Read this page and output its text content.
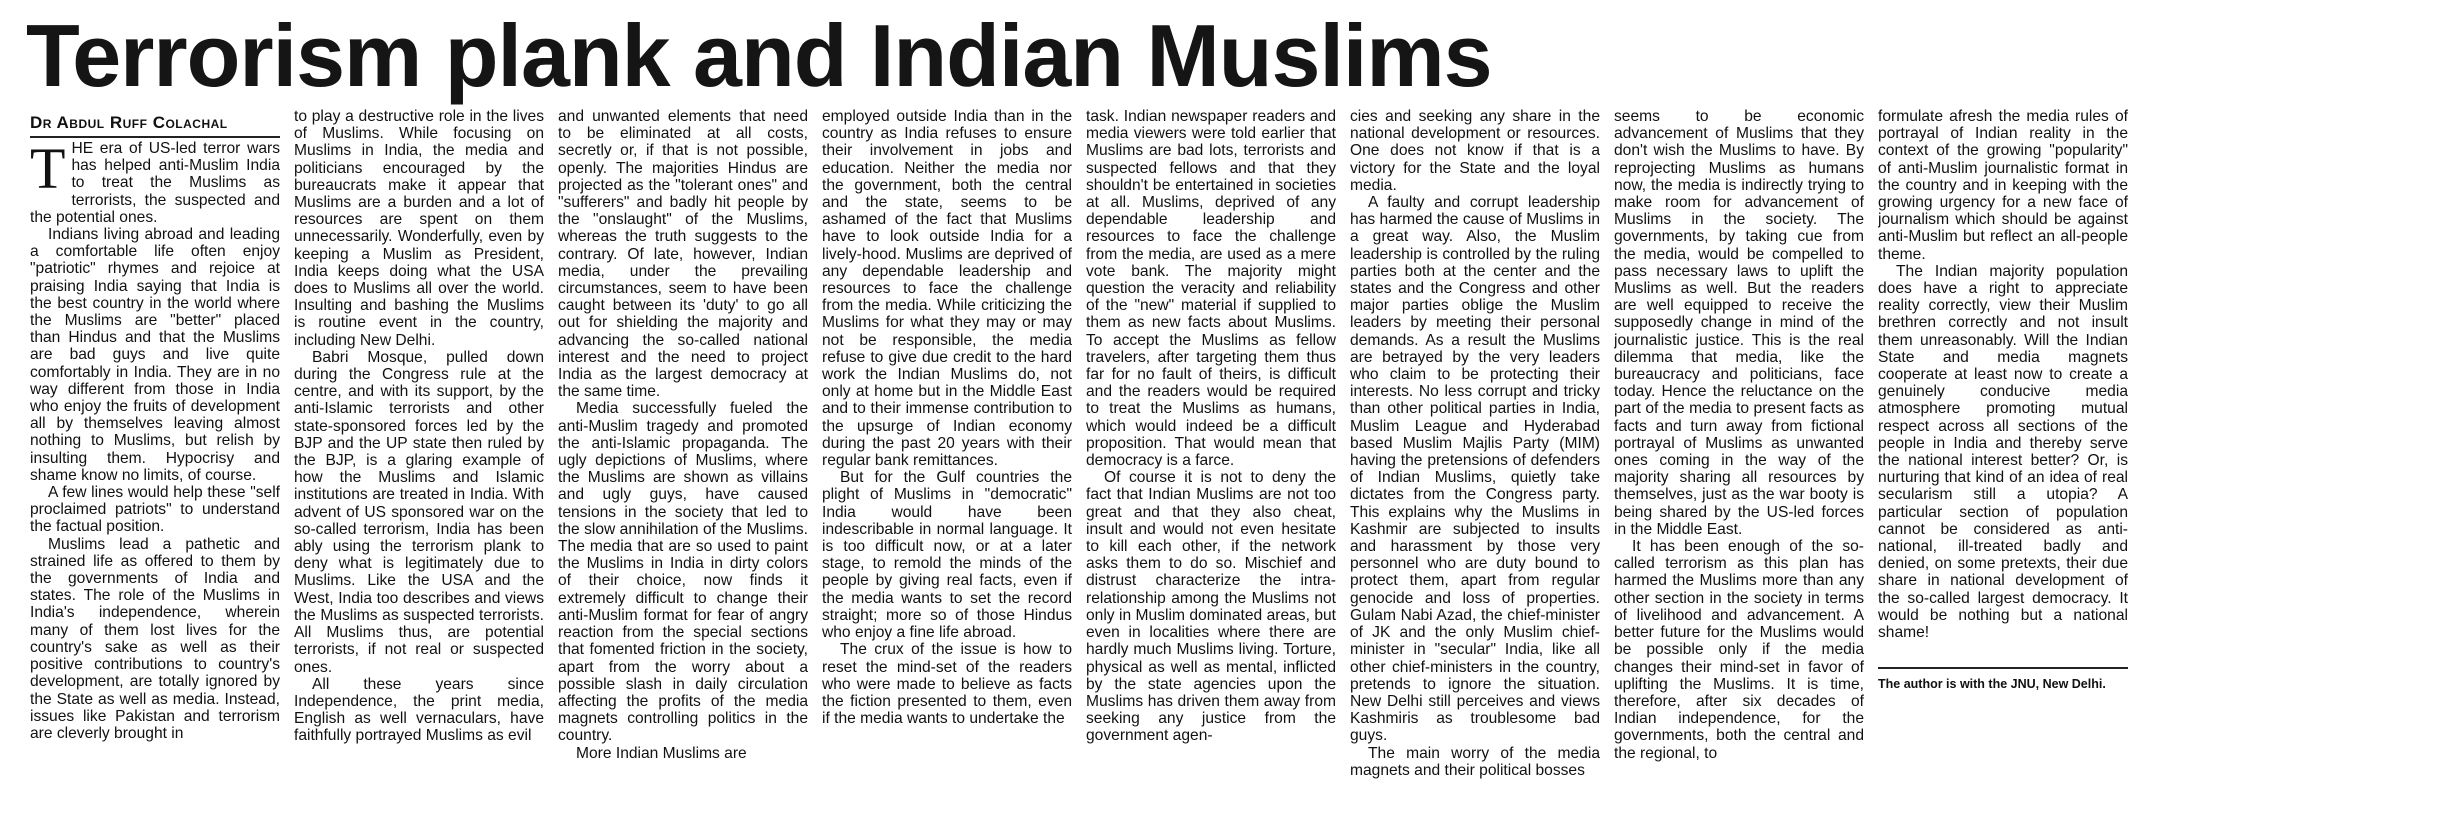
Terrorism plank and Indian Muslims
Dr Abdul Ruff Colachal

THE era of US-led terror wars has helped anti-Muslim India to treat the Muslims as terrorists, the suspected and the potential ones.

Indians living abroad and leading a comfortable life often enjoy "patriotic" rhymes and rejoice at praising India saying that India is the best country in the world where the Muslims are "better" placed than Hindus and that the Muslims are bad guys and live quite comfortably in India. They are in no way different from those in India who enjoy the fruits of development all by themselves leaving almost nothing to Muslims, but relish by insulting them. Hypocrisy and shame know no limits, of course.

A few lines would help these "self proclaimed patriots" to understand the factual position.

Muslims lead a pathetic and strained life as offered to them by the governments of India and states. The role of the Muslims in India's independence, wherein many of them lost lives for the country's sake as well as their positive contributions to country's development, are totally ignored by the State as well as media. Instead, issues like Pakistan and terrorism are cleverly brought in

to play a destructive role in the lives of Muslims. While focusing on Muslims in India, the media and politicians encouraged by the bureaucrats make it appear that Muslims are a burden and a lot of resources are spent on them unnecessarily. Wonderfully, even by keeping a Muslim as President, India keeps doing what the USA does to Muslims all over the world. Insulting and bashing the Muslims is routine event in the country, including New Delhi.

Babri Mosque, pulled down during the Congress rule at the centre, and with its support, by the anti-Islamic terrorists and other state-sponsored forces led by the BJP and the UP state then ruled by the BJP, is a glaring example of how the Muslims and Islamic institutions are treated in India. With advent of US sponsored war on the so-called terrorism, India has been ably using the terrorism plank to deny what is legitimately due to Muslims. Like the USA and the West, India too describes and views the Muslims as suspected terrorists. All Muslims thus, are potential terrorists, if not real or suspected ones.

All these years since Independence, the print media, English as well vernaculars, have faithfully portrayed Muslims as evil

and unwanted elements that need to be eliminated at all costs, secretly or, if that is not possible, openly. The majorities Hindus are projected as the "tolerant ones" and "sufferers" and badly hit people by the "onslaught" of the Muslims, whereas the truth suggests to the contrary. Of late, however, Indian media, under the prevailing circumstances, seem to have been caught between its 'duty' to go all out for shielding the majority and advancing the so-called national interest and the need to project India as the largest democracy at the same time.

Media successfully fueled the anti-Muslim tragedy and promoted the anti-Islamic propaganda. The ugly depictions of Muslims, where the Muslims are shown as villains and ugly guys, have caused tensions in the society that led to the slow annihilation of the Muslims. The media that are so used to paint the Muslims in India in dirty colors of their choice, now finds it extremely difficult to change their anti-Muslim format for fear of angry reaction from the special sections that fomented friction in the society, apart from the worry about a possible slash in daily circulation affecting the profits of the media magnets controlling politics in the country.

More Indian Muslims are

employed outside India than in the country as India refuses to ensure their involvement in jobs and education. Neither the media nor the government, both the central and the state, seems to be ashamed of the fact that Muslims have to look outside India for a lively-hood. Muslims are deprived of any dependable leadership and resources to face the challenge from the media. While criticizing the Muslims for what they may or may not be responsible, the media refuse to give due credit to the hard work the Indian Muslims do, not only at home but in the Middle East and to their immense contribution to the upsurge of Indian economy during the past 20 years with their regular bank remittances.

But for the Gulf countries the plight of Muslims in "democratic" India would have been indescribable in normal language. It is too difficult now, or at a later stage, to remold the minds of the people by giving real facts, even if the media wants to set the record straight; more so of those Hindus who enjoy a fine life abroad.

The crux of the issue is how to reset the mind-set of the readers who were made to believe as facts the fiction presented to them, even if the media wants to undertake the

task. Indian newspaper readers and media viewers were told earlier that Muslims are bad lots, terrorists and suspected fellows and that they shouldn't be entertained in societies at all. Muslims, deprived of any dependable leadership and resources to face the challenge from the media, are used as a mere vote bank. The majority might question the veracity and reliability of the "new" material if supplied to them as new facts about Muslims. To accept the Muslims as fellow travelers, after targeting them thus far for no fault of theirs, is difficult and the readers would be required to treat the Muslims as humans, which would indeed be a difficult proposition. That would mean that democracy is a farce.

Of course it is not to deny the fact that Indian Muslims are not too great and that they also cheat, insult and would not even hesitate to kill each other, if the network asks them to do so. Mischief and distrust characterize the intra-relationship among the Muslims not only in Muslim dominated areas, but even in localities where there are hardly much Muslims living. Torture, physical as well as mental, inflicted by the state agencies upon the Muslims has driven them away from seeking any justice from the government agen-

cies and seeking any share in the national development or resources. One does not know if that is a victory for the State and the loyal media.

A faulty and corrupt leadership has harmed the cause of Muslims in a great way. Also, the Muslim leadership is controlled by the ruling parties both at the center and the states and the Congress and other major parties oblige the Muslim leaders by meeting their personal demands. As a result the Muslims are betrayed by the very leaders who claim to be protecting their interests. No less corrupt and tricky than other political parties in India, Muslim League and Hyderabad based Muslim Majlis Party (MIM) having the pretensions of defenders of Indian Muslims, quietly take dictates from the Congress party. This explains why the Muslims in Kashmir are subjected to insults and harassment by those very personnel who are duty bound to protect them, apart from regular genocide and loss of properties. Gulam Nabi Azad, the chief-minister of JK and the only Muslim chief-minister in "secular" India, like all other chief-ministers in the country, pretends to ignore the situation. New Delhi still perceives and views Kashmiris as troublesome bad guys.

The main worry of the media magnets and their political bosses

seems to be economic advancement of Muslims that they don't wish the Muslims to have. By reprojecting Muslims as humans now, the media is indirectly trying to make room for advancement of Muslims in the society. The governments, by taking cue from the media, would be compelled to pass necessary laws to uplift the Muslims as well. But the readers are well equipped to receive the supposedly change in mind of the journalistic justice. This is the real dilemma that media, like the bureaucracy and politicians, face today. Hence the reluctance on the part of the media to present facts as facts and turn away from fictional portrayal of Muslims as unwanted ones coming in the way of the majority sharing all resources by themselves, just as the war booty is being shared by the US-led forces in the Middle East.

It has been enough of the so-called terrorism as this plan has harmed the Muslims more than any other section in the society in terms of livelihood and advancement. A better future for the Muslims would be possible only if the media changes their mind-set in favor of uplifting the Muslims. It is time, therefore, after six decades of Indian independence, for the governments, both the central and the regional, to

formulate afresh the media rules of portrayal of Indian reality in the context of the growing "popularity" of anti-Muslim journalistic format in the country and in keeping with the growing urgency for a new face of journalism which should be against anti-Muslim but reflect an all-people theme.

The Indian majority population does have a right to appreciate reality correctly, view their Muslim brethren correctly and not insult them unreasonably. Will the Indian State and media magnets cooperate at least now to create a genuinely conducive media atmosphere promoting mutual respect across all sections of the people in India and thereby serve the national interest better? Or, is nurturing that kind of an idea of real secularism still a utopia? A particular section of population cannot be considered as anti-national, ill-treated badly and denied, on some pretexts, their due share in national development of the so-called largest democracy. It would be nothing but a national shame!

The author is with the JNU, New Delhi.
